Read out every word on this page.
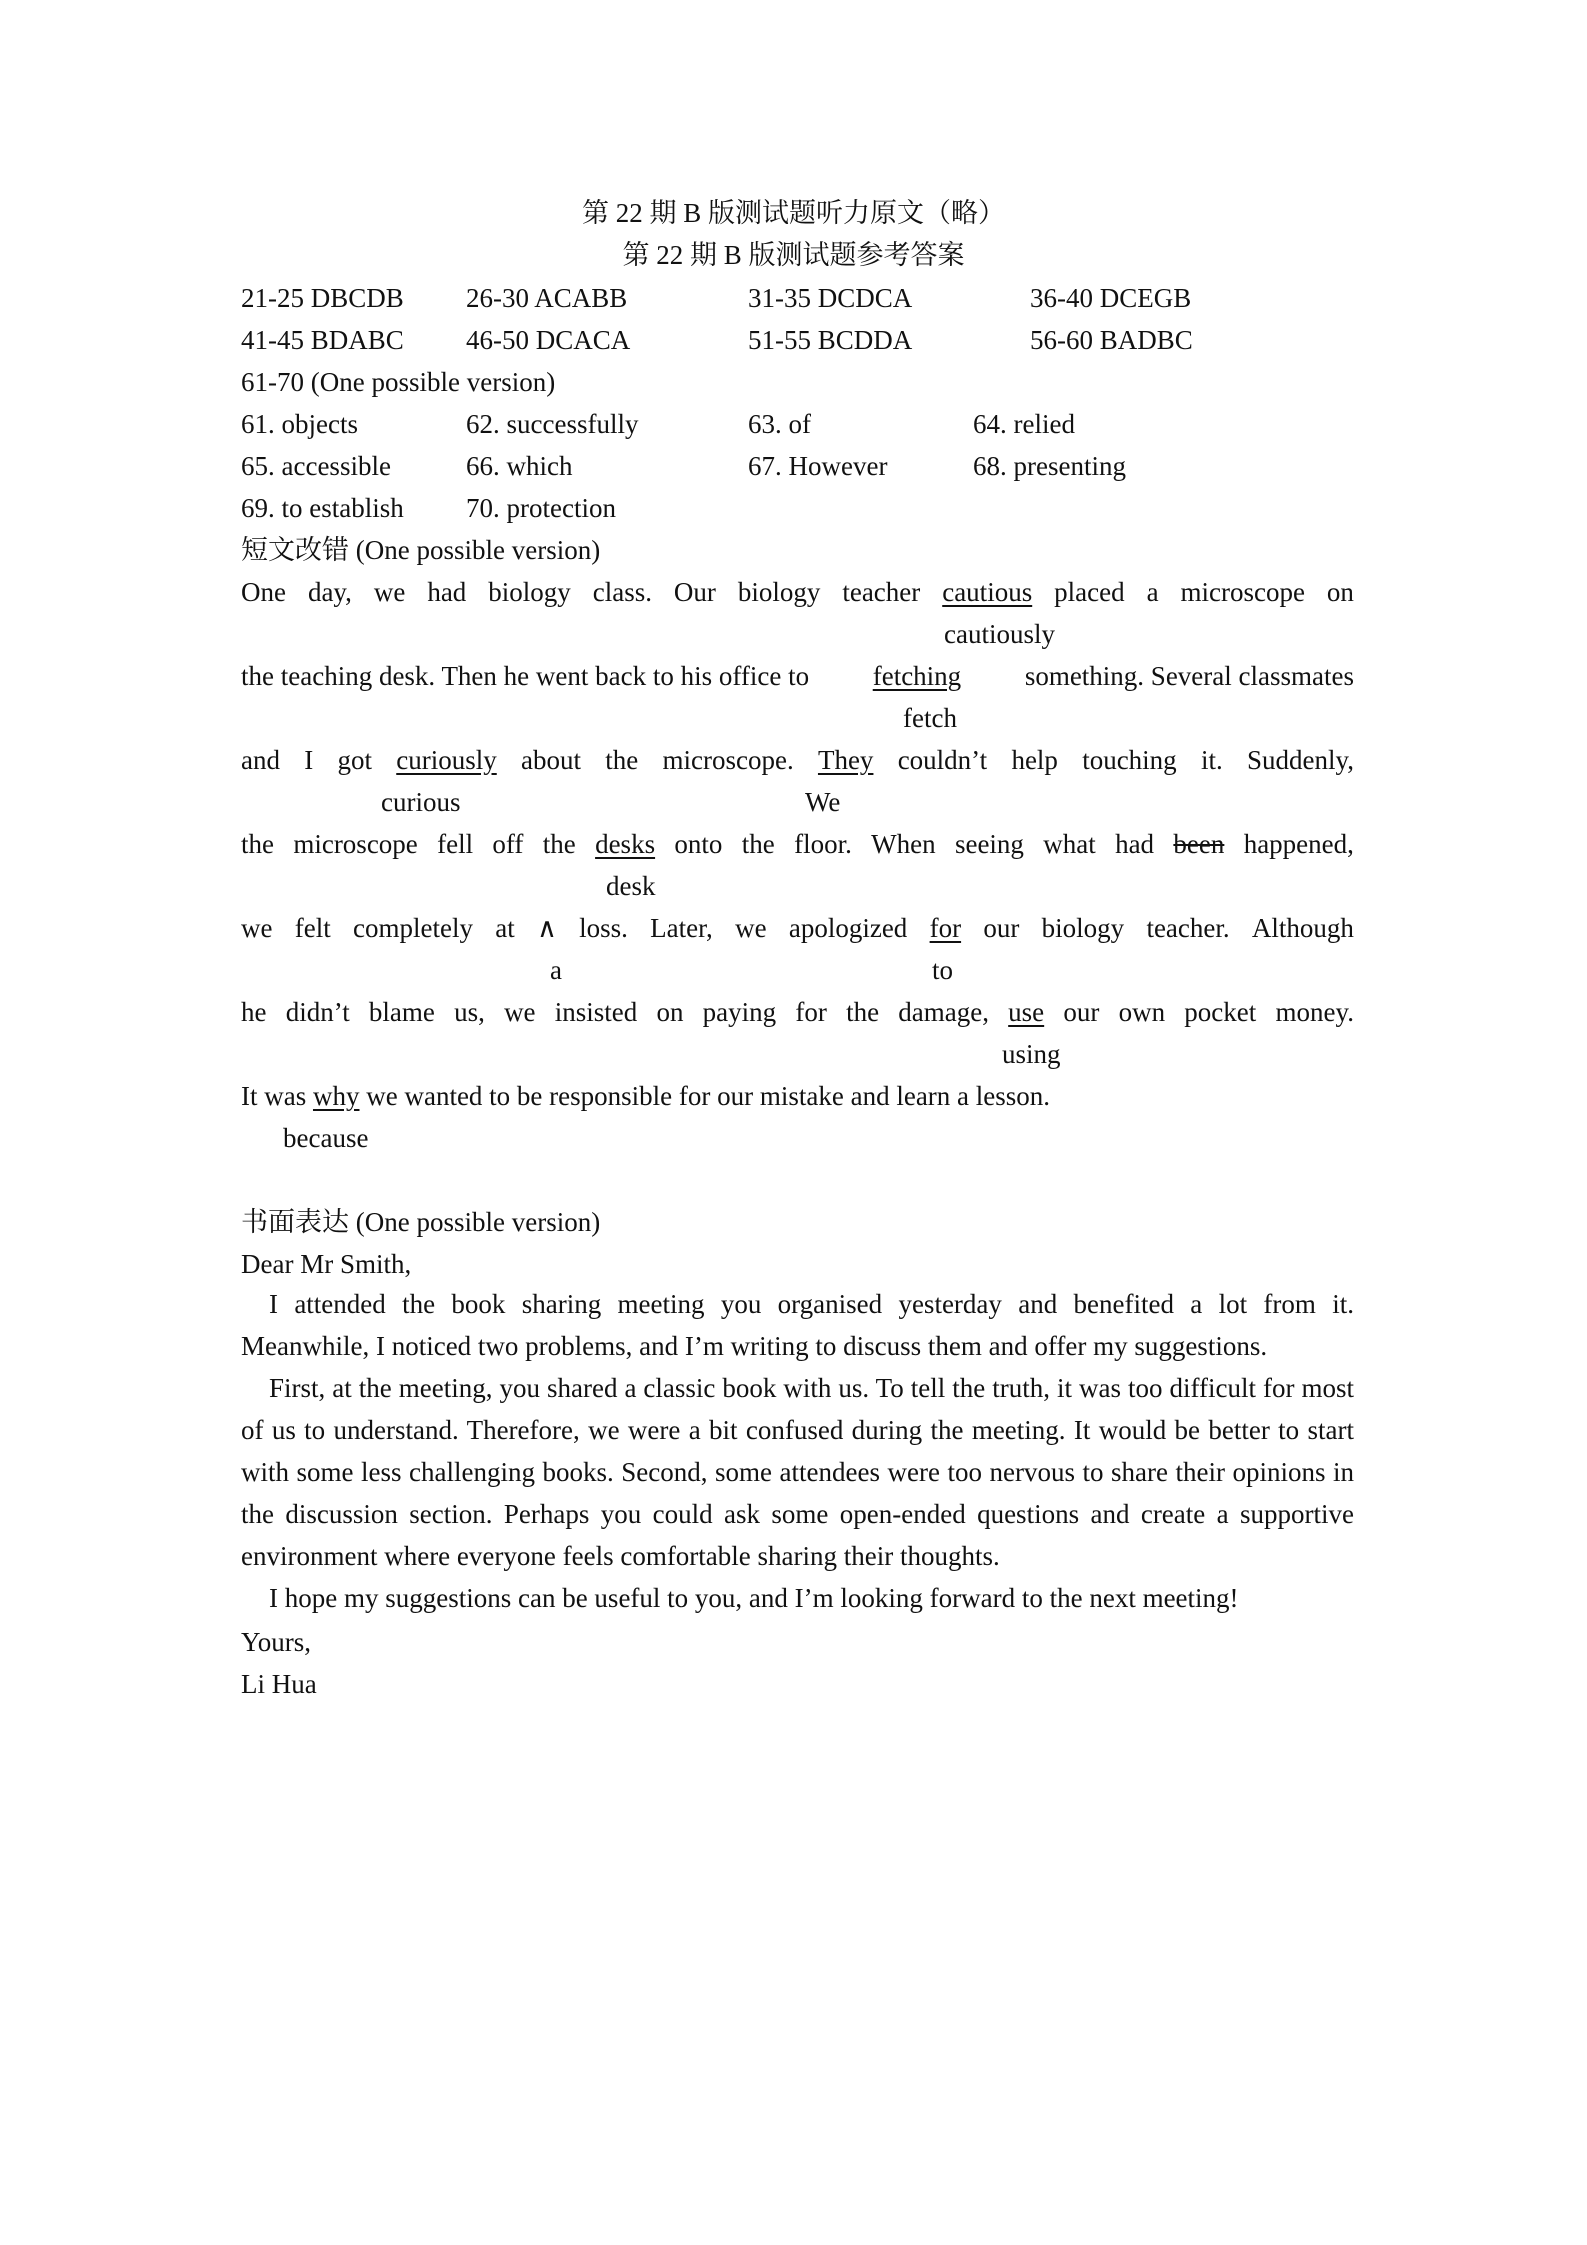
第 22 期 B 版测试题听力原文（略）
第 22 期 B 版测试题参考答案
21-25 DBCDB 26-30 ACABB	31-35 DCDCA	36-40 DCEGB
41-45 BDABC 46-50 DCACA	51-55 BCDDA	56-60 BADBC
61-70 (One possible version)
61. objects	62. successfully	63. of	64. relied
65. accessible	66. which	67. However	68. presenting
69. to establish 70. protection
短文改错 (One possible version)
One day, we had biology class. Our biology teacher cautious placed a microscope on
cautiously
the teaching desk. Then he went back to his office to fetching something. Several classmates
fetch
and I got curiously about the microscope. They couldn’t help touching it. Suddenly,
curious	We
the microscope fell off the desks onto the floor. When seeing what had been happened,
desk
we felt completely at ∧ loss. Later, we apologized for our biology teacher. Although
a	to
he didn’t blame us, we insisted on paying for the damage, use our own pocket money.
using
It was why we wanted to be responsible for our mistake and learn a lesson.
because
书面表达 (One possible version)
Dear Mr Smith,
I attended the book sharing meeting you organised yesterday and benefited a lot from it. Meanwhile, I noticed two problems, and I’m writing to discuss them and offer my suggestions.
First, at the meeting, you shared a classic book with us. To tell the truth, it was too difficult for most of us to understand. Therefore, we were a bit confused during the meeting. It would be better to start with some less challenging books. Second, some attendees were too nervous to share their opinions in the discussion section. Perhaps you could ask some open-ended questions and create a supportive environment where everyone feels comfortable sharing their thoughts.
I hope my suggestions can be useful to you, and I’m looking forward to the next meeting!
Yours,
Li Hua
